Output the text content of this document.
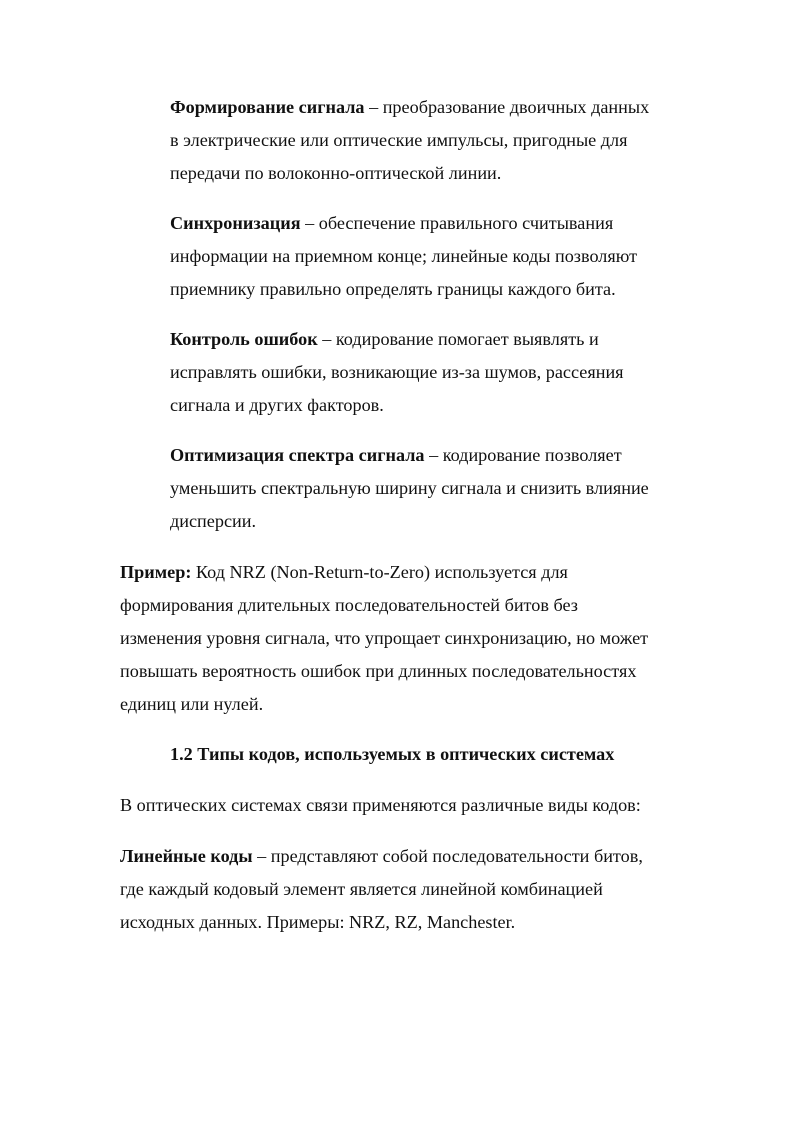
Формирование сигнала – преобразование двоичных данных
в электрические или оптические импульсы, пригодные для
передачи по волоконно-оптической линии.

Синхронизация – обеспечение правильного считывания
информации на приемном конце; линейные коды позволяют
приемнику правильно определять границы каждого бита.

Контроль ошибок – кодирование помогает выявлять и
исправлять ошибки, возникающие из-за шумов, рассеяния
сигнала и других факторов.

Оптимизация спектра сигнала – кодирование позволяет
уменьшить спектральную ширину сигнала и снизить влияние
дисперсии.

Пример: Код NRZ (Non-Return-to-Zero) используется для
формирования длительных последовательностей битов без
изменения уровня сигнала, что упрощает синхронизацию, но может
повышать вероятность ошибок при длинных последовательностях
единиц или нулей.

1.2 Типы кодов, используемых в оптических системах

В оптических системах связи применяются различные виды кодов:

Линейные коды – представляют собой последовательности битов,
где каждый кодовый элемент является линейной комбинацией
исходных данных. Примеры: NRZ, RZ, Manchester.
